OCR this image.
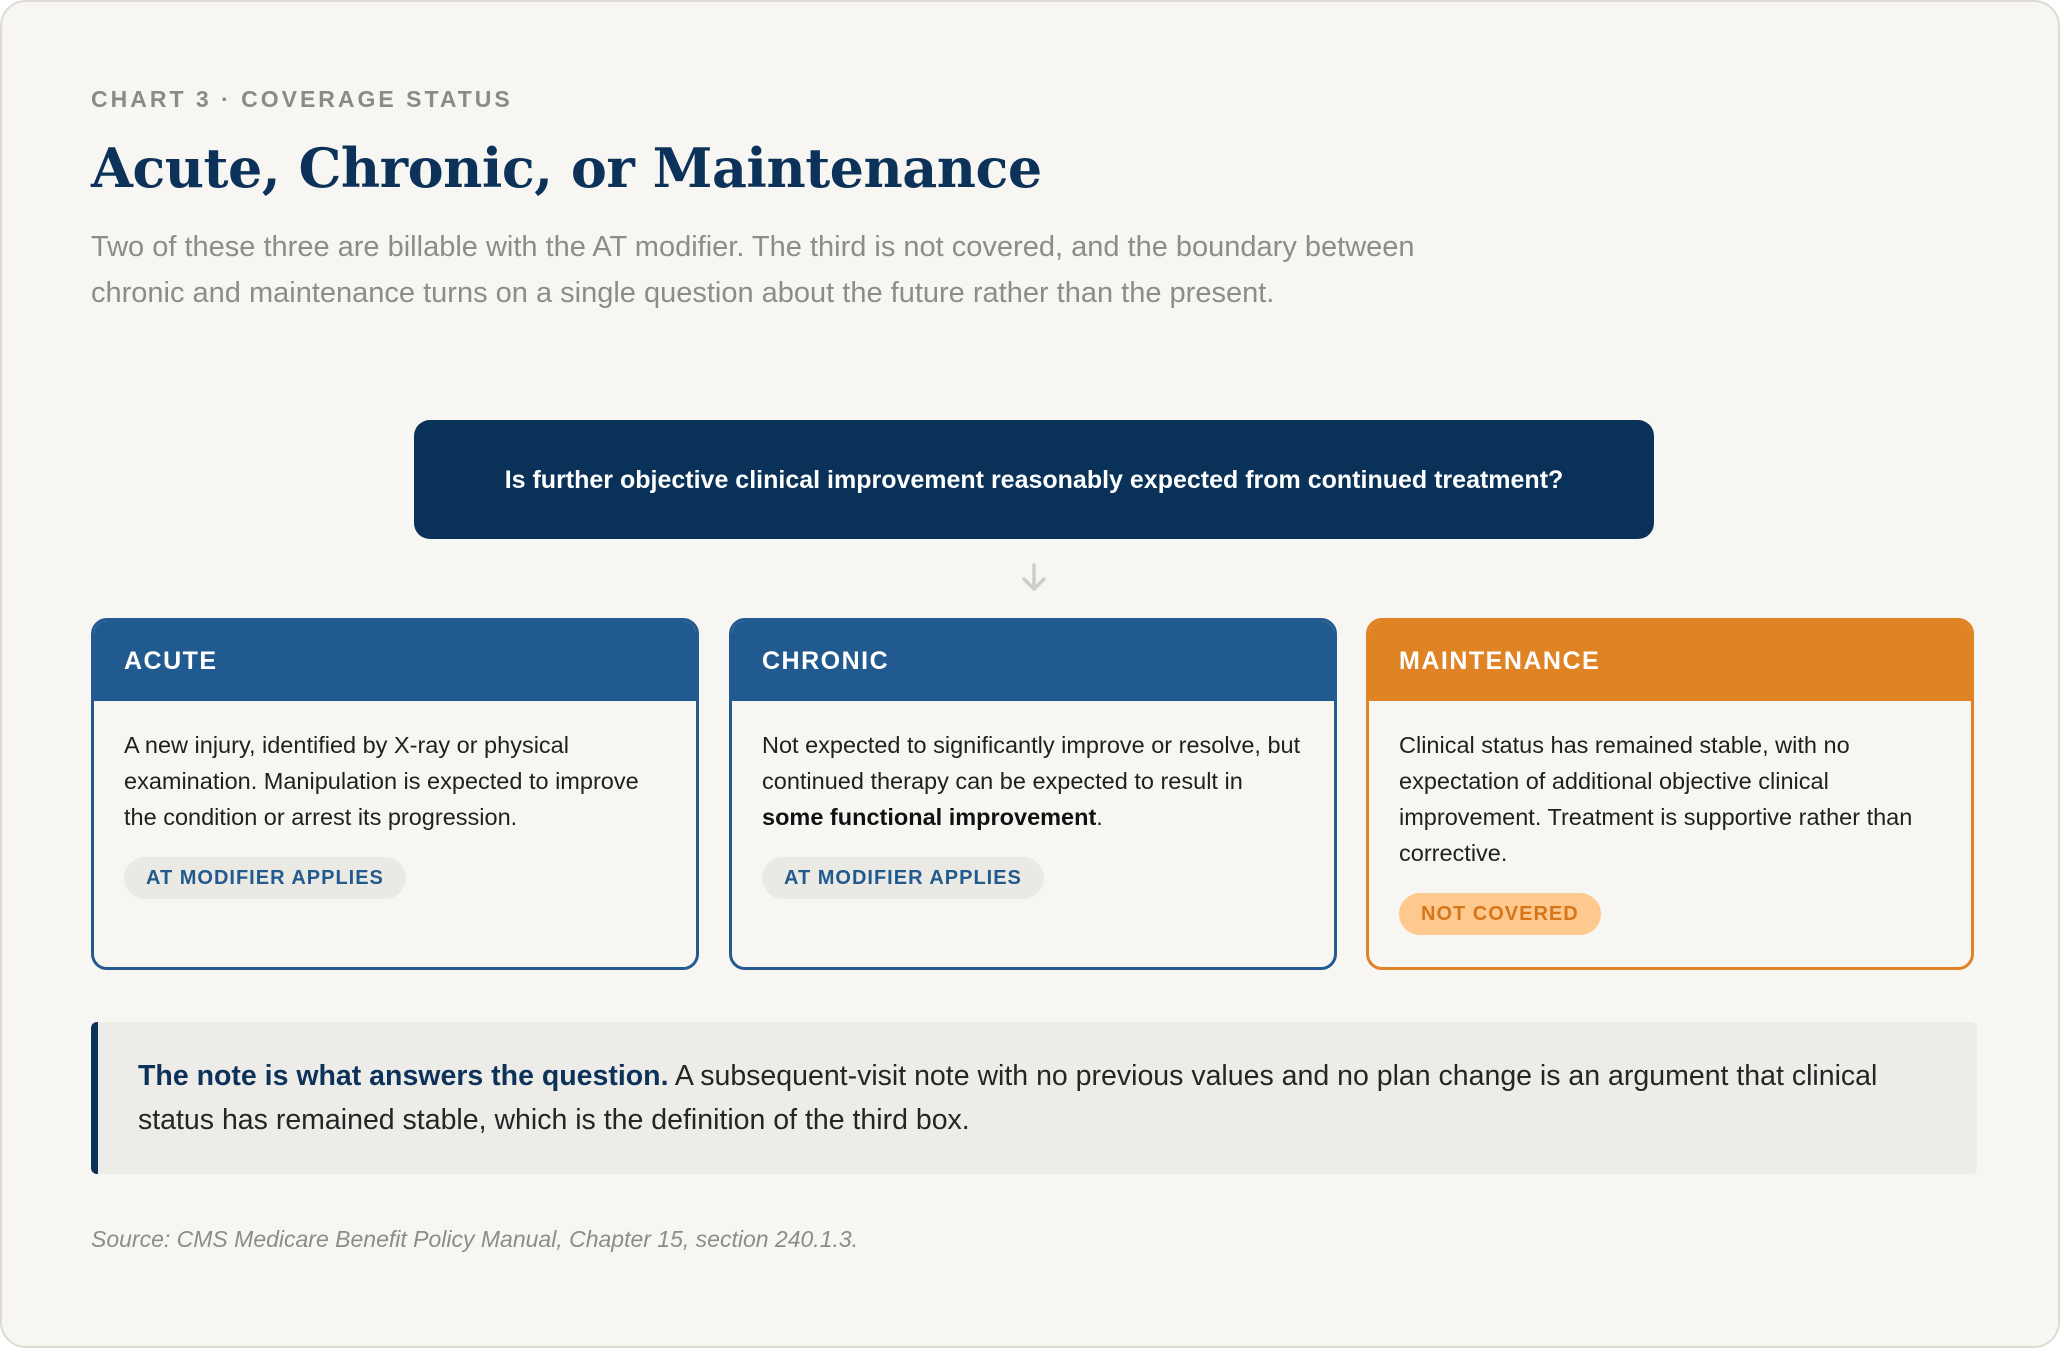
CHART 3 · COVERAGE STATUS
Acute, Chronic, or Maintenance
Two of these three are billable with the AT modifier. The third is not covered, and the boundary between chronic and maintenance turns on a single question about the future rather than the present.
Is further objective clinical improvement reasonably expected from continued treatment?
ACUTE
A new injury, identified by X-ray or physical examination. Manipulation is expected to improve the condition or arrest its progression.
AT MODIFIER APPLIES
CHRONIC
Not expected to significantly improve or resolve, but continued therapy can be expected to result in some functional improvement.
AT MODIFIER APPLIES
MAINTENANCE
Clinical status has remained stable, with no expectation of additional objective clinical improvement. Treatment is supportive rather than corrective.
NOT COVERED
The note is what answers the question. A subsequent-visit note with no previous values and no plan change is an argument that clinical status has remained stable, which is the definition of the third box.
Source: CMS Medicare Benefit Policy Manual, Chapter 15, section 240.1.3.
